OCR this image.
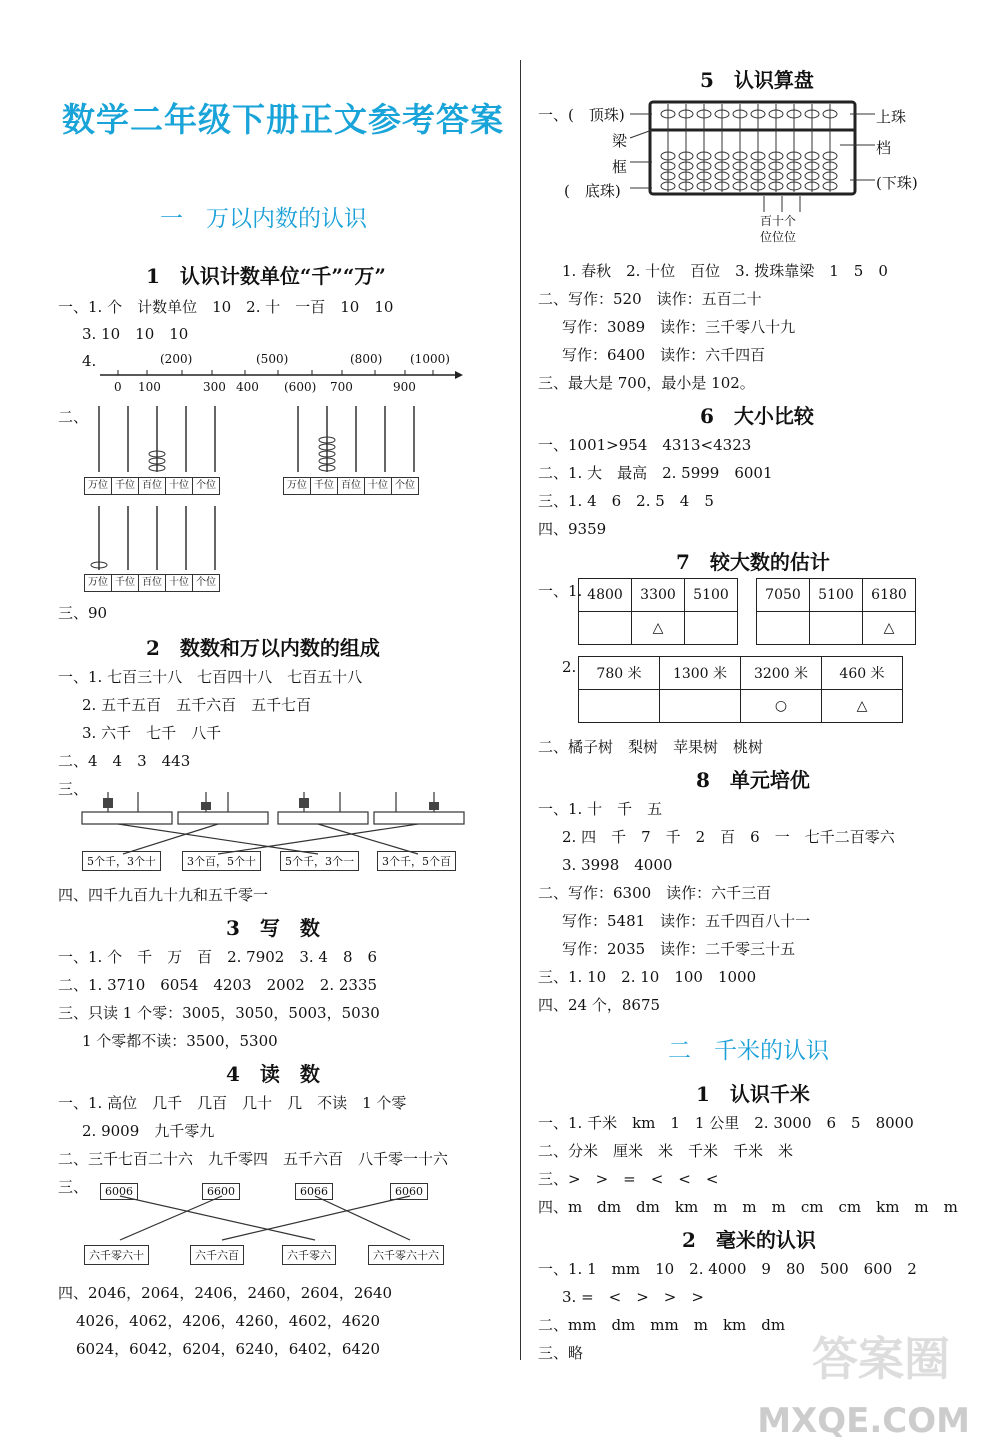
数学二年级下册正文参考答案
一　万以内数的认识
1　认识计数单位“千”“万”
一、1. 个　计数单位　10　2. 十　一百　10　10
3. 10　10　10
4.	(200)	(500)	(800) (1000)
0 100	300 400 (600) 700	900
二、
万位 千位 百位 十位 个位	万位 千位 百位 十位 个位
万位 千位 百位 十位 个位
三、90
2　数数和万以内数的组成
一、1. 七百三十八　七百四十八　七百五十八
2. 五千五百　五千六百　五千七百
3. 六千　七千　八千
二、4　4　3　443
三、
5个千，3个十	3个百，5个十	5个千，3个一	3个千，5个百
四、四千九百九十九和五千零一
3　写　数
一、1. 个　千　万　百　2. 7902　3. 4　8　6
二、1. 3710　6054　4203　2002　2. 2335
三、只读 1 个零：3005，3050，5003，5030
1 个零都不读：3500，5300
4　读　数
一、1. 高位　几千　几百　几十　几　不读　1 个零
2. 9009　九千零九
二、三千七百二十六　九千零四　五千六百　八千零一十六
三、	6006	6600	6066	6060
六千零六十	六千六百	六千零六	六千零六十六
四、2046，2064，2406，2460，2604，2640
4026，4062，4206，4260，4602，4620
6024，6042，6204，6240，6402，6420
5　认识算盘
一、(　顶珠)
梁
框
(　底珠)
上珠
档
(下珠)
百十个
位位位
1. 春秋　2. 十位　百位　3. 拨珠靠梁　1　5　0
二、写作：520　读作：五百二十
写作：3089　读作：三千零八十九
写作：6400　读作：六千四百
三、最大是 700，最小是 102。
6　大小比较
一、1001>954　4313<4323
二、1. 大　最高　2. 5999　6001
三、1. 4　6　2. 5　4　5
四、9359
7　较大数的估计
一、1. 4800	3300	5100
	△	
7050	5100	6180
		△
2. 780 米	1300 米	3200 米	460 米
		○	△
二、橘子树　梨树　苹果树　桃树
8　单元培优
一、1. 十　千　五
2. 四　千　7　千　2　百　6　一　七千二百零六
3. 3998　4000
二、写作：6300　读作：六千三百
写作：5481　读作：五千四百八十一
写作：2035　读作：二千零三十五
三、1. 10　2. 10　100　1000
四、24 个，8675
二　千米的认识
1　认识千米
一、1. 千米　km　1　1 公里　2. 3000　6　5　8000
二、分米　厘米　米　千米　千米　米
三、>　>　=　<　<　<
四、m　dm　dm　km　m　m　m　cm　cm　km　m　m
2　毫米的认识
一、1. 1　mm　10　2. 4000　9　80　500　600　2
3. =　<　>　>　>
二、mm　dm　mm　m　km　dm
三、略	答案圈
MXQE.COM
